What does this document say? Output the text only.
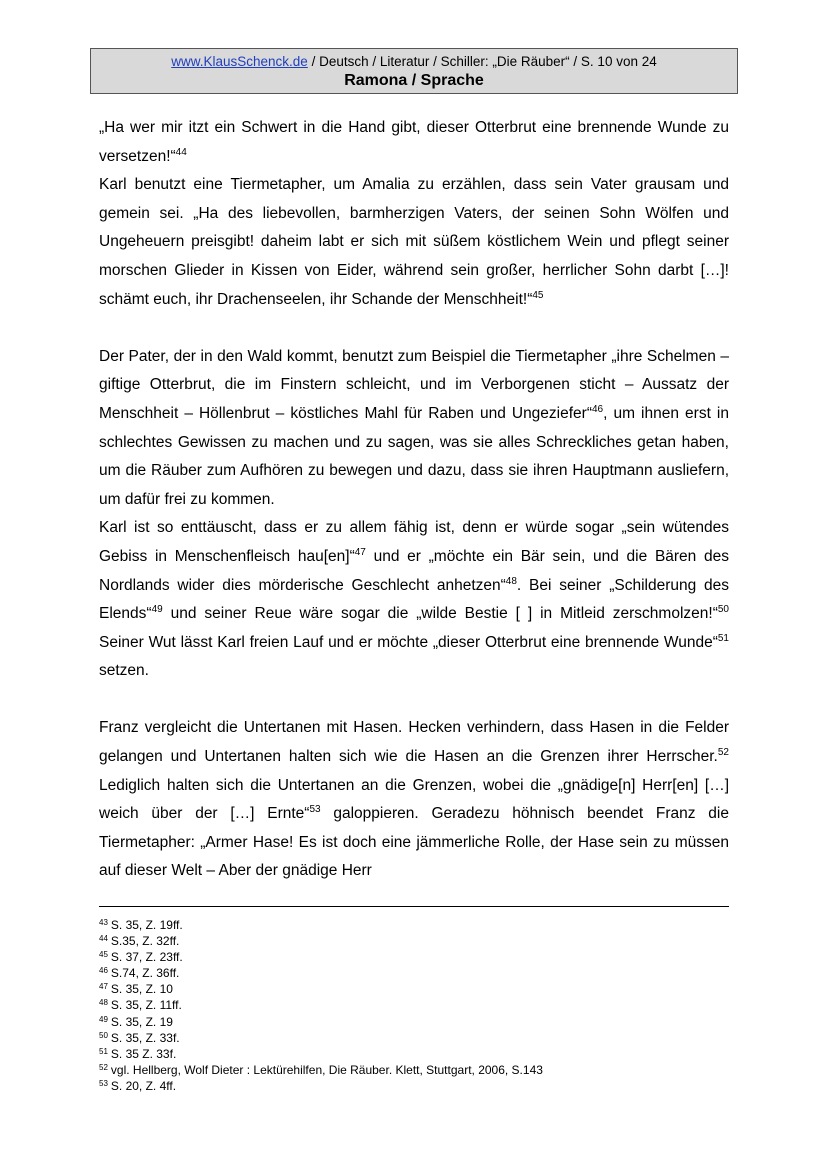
www.KlausSchenck.de / Deutsch / Literatur / Schiller: „Die Räuber“ / S. 10 von 24
Ramona / Sprache

„Ha wer mir itzt ein Schwert in die Hand gibt, dieser Otterbrut eine brennende Wunde zu versetzen!“$^{44}$

Karl benutzt eine Tiermetapher, um Amalia zu erzählen, dass sein Vater grausam und gemein sei. „Ha des liebevollen, barmherzigen Vaters, der seinen Sohn Wölfen und Ungeheuern preisgibt! daheim labt er sich mit süßem köstlichem Wein und pflegt seiner morschen Glieder in Kissen von Eider, während sein großer, herrlicher Sohn darbt […]! schämt euch, ihr Drachenseelen, ihr Schande der Menschheit!“$^{45}$

Der Pater, der in den Wald kommt, benutzt zum Beispiel die Tiermetapher „ihre Schelmen – giftige Otterbrut, die im Finstern schleicht, und im Verborgenen sticht – Aussatz der Menschheit – Höllenbrut – köstliches Mahl für Raben und Ungeziefer“$^{46}$, um ihnen erst in schlechtes Gewissen zu machen und zu sagen, was sie alles Schreckliches getan haben, um die Räuber zum Aufhören zu bewegen und dazu, dass sie ihren Hauptmann ausliefern, um dafür frei zu kommen.

Karl ist so enttäuscht, dass er zu allem fähig ist, denn er würde sogar „sein wütendes Gebiss in Menschenfleisch hau[en]“$^{47}$ und er „möchte ein Bär sein, und die Bären des Nordlands wider dies mörderische Geschlecht anhetzen“$^{48}$. Bei seiner „Schilderung des Elends“$^{49}$ und seiner Reue wäre sogar die „wilde Bestie [ ] in Mitleid zerschmolzen!“$^{50}$ Seiner Wut lässt Karl freien Lauf und er möchte „dieser Otterbrut eine brennende Wunde“$^{51}$ setzen.

Franz vergleicht die Untertanen mit Hasen. Hecken verhindern, dass Hasen in die Felder gelangen und Untertanen halten sich wie die Hasen an die Grenzen ihrer Herrscher.$^{52}$ Lediglich halten sich die Untertanen an die Grenzen, wobei die „gnädige[n] Herr[en] […] weich über der […] Ernte“$^{53}$ galoppieren. Geradezu höhnisch beendet Franz die Tiermetapher: „Armer Hase! Es ist doch eine jämmerliche Rolle, der Hase sein zu müssen auf dieser Welt – Aber der gnädige Herr

$^{43}$ S. 35, Z. 19ff.
$^{44}$ S.35, Z. 32ff.
$^{45}$ S. 37, Z. 23ff.
$^{46}$ S.74, Z. 36ff.
$^{47}$ S. 35, Z. 10
$^{48}$ S. 35, Z. 11ff.
$^{49}$ S. 35, Z. 19
$^{50}$ S. 35, Z. 33f.
$^{51}$ S. 35 Z. 33f.
$^{52}$ vgl. Hellberg, Wolf Dieter : Lektürehilfen, Die Räuber. Klett, Stuttgart, 2006, S.143
$^{53}$ S. 20, Z. 4ff.
